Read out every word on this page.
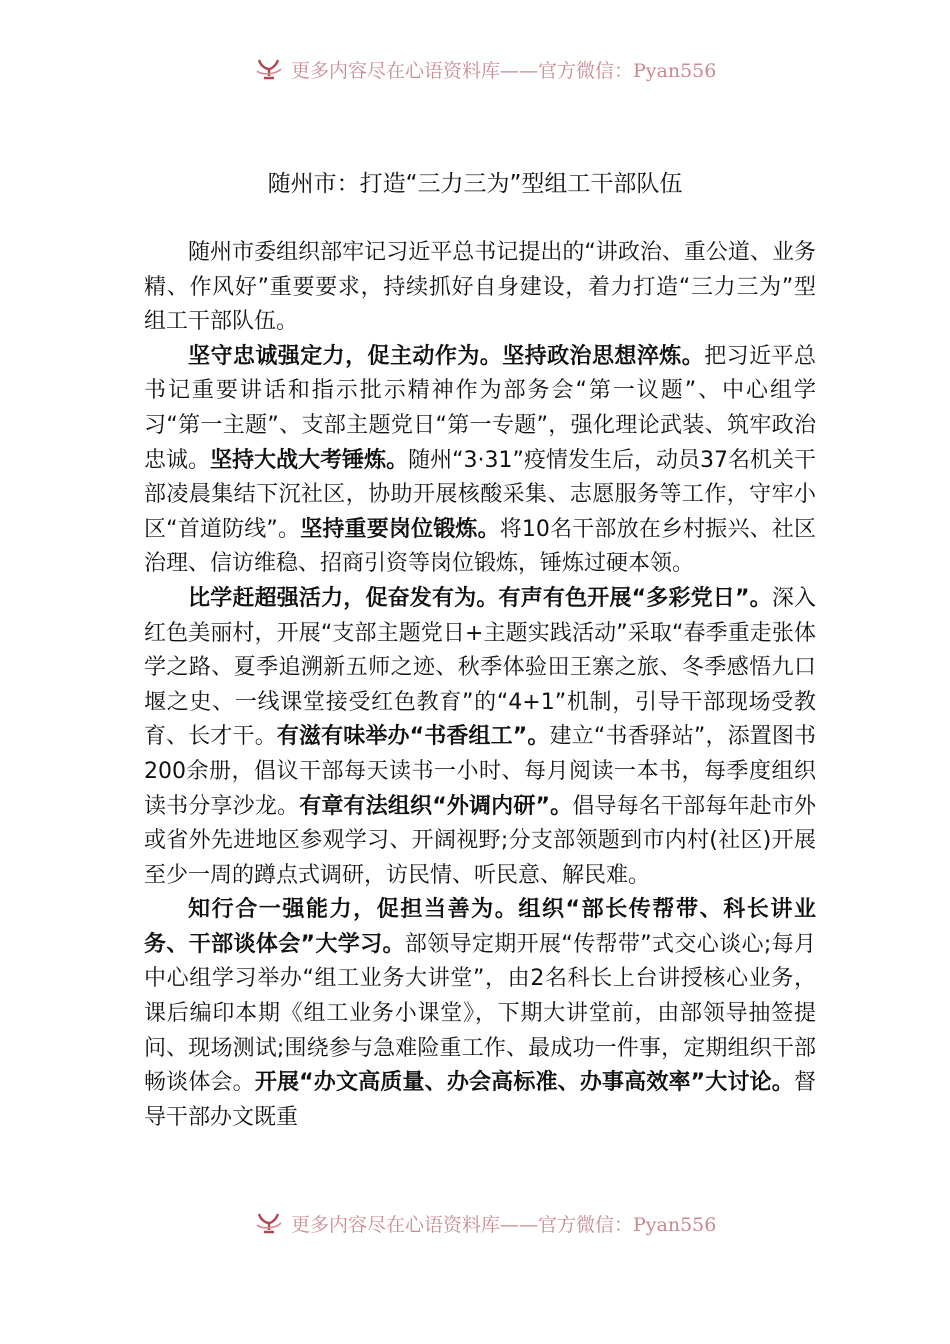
更多内容尽在心语资料库——官方微信：Pyan556
随州市：打造“三力三为”型组工干部队伍

随州市委组织部牢记习近平总书记提出的“讲政治、重公道、业务精、作风好”重要要求，持续抓好自身建设，着力打造“三力三为”型组工干部队伍。

坚守忠诚强定力，促主动作为。坚持政治思想淬炼。把习近平总书记重要讲话和指示批示精神作为部务会“第一议题”、中心组学习“第一主题”、支部主题党日“第一专题”，强化理论武装、筑牢政治忠诚。坚持大战大考锤炼。随州“3·31”疫情发生后，动员37名机关干部凌晨集结下沉社区，协助开展核酸采集、志愿服务等工作，守牢小区“首道防线”。坚持重要岗位锻炼。将10名干部放在乡村振兴、社区治理、信访维稳、招商引资等岗位锻炼，锤炼过硬本领。

比学赶超强活力，促奋发有为。有声有色开展“多彩党日”。深入红色美丽村，开展“支部主题党日+主题实践活动”采取“春季重走张体学之路、夏季追溯新五师之迹、秋季体验田王寨之旅、冬季感悟九口堰之史、一线课堂接受红色教育”的“4+1”机制，引导干部现场受教育、长才干。有滋有味举办“书香组工”。建立“书香驿站”，添置图书200余册，倡议干部每天读书一小时、每月阅读一本书，每季度组织读书分享沙龙。有章有法组织“外调内研”。倡导每名干部每年赴市外或省外先进地区参观学习、开阔视野;分支部领题到市内村(社区)开展至少一周的蹲点式调研，访民情、听民意、解民难。

知行合一强能力，促担当善为。组织“部长传帮带、科长讲业务、干部谈体会”大学习。部领导定期开展“传帮带”式交心谈心;每月中心组学习举办“组工业务大讲堂”，由2名科长上台讲授核心业务，课后编印本期《组工业务小课堂》，下期大讲堂前，由部领导抽签提问、现场测试;围绕参与急难险重工作、最成功一件事，定期组织干部畅谈体会。开展“办文高质量、办会高标准、办事高效率”大讨论。督导干部办文既重

更多内容尽在心语资料库——官方微信：Pyan556
